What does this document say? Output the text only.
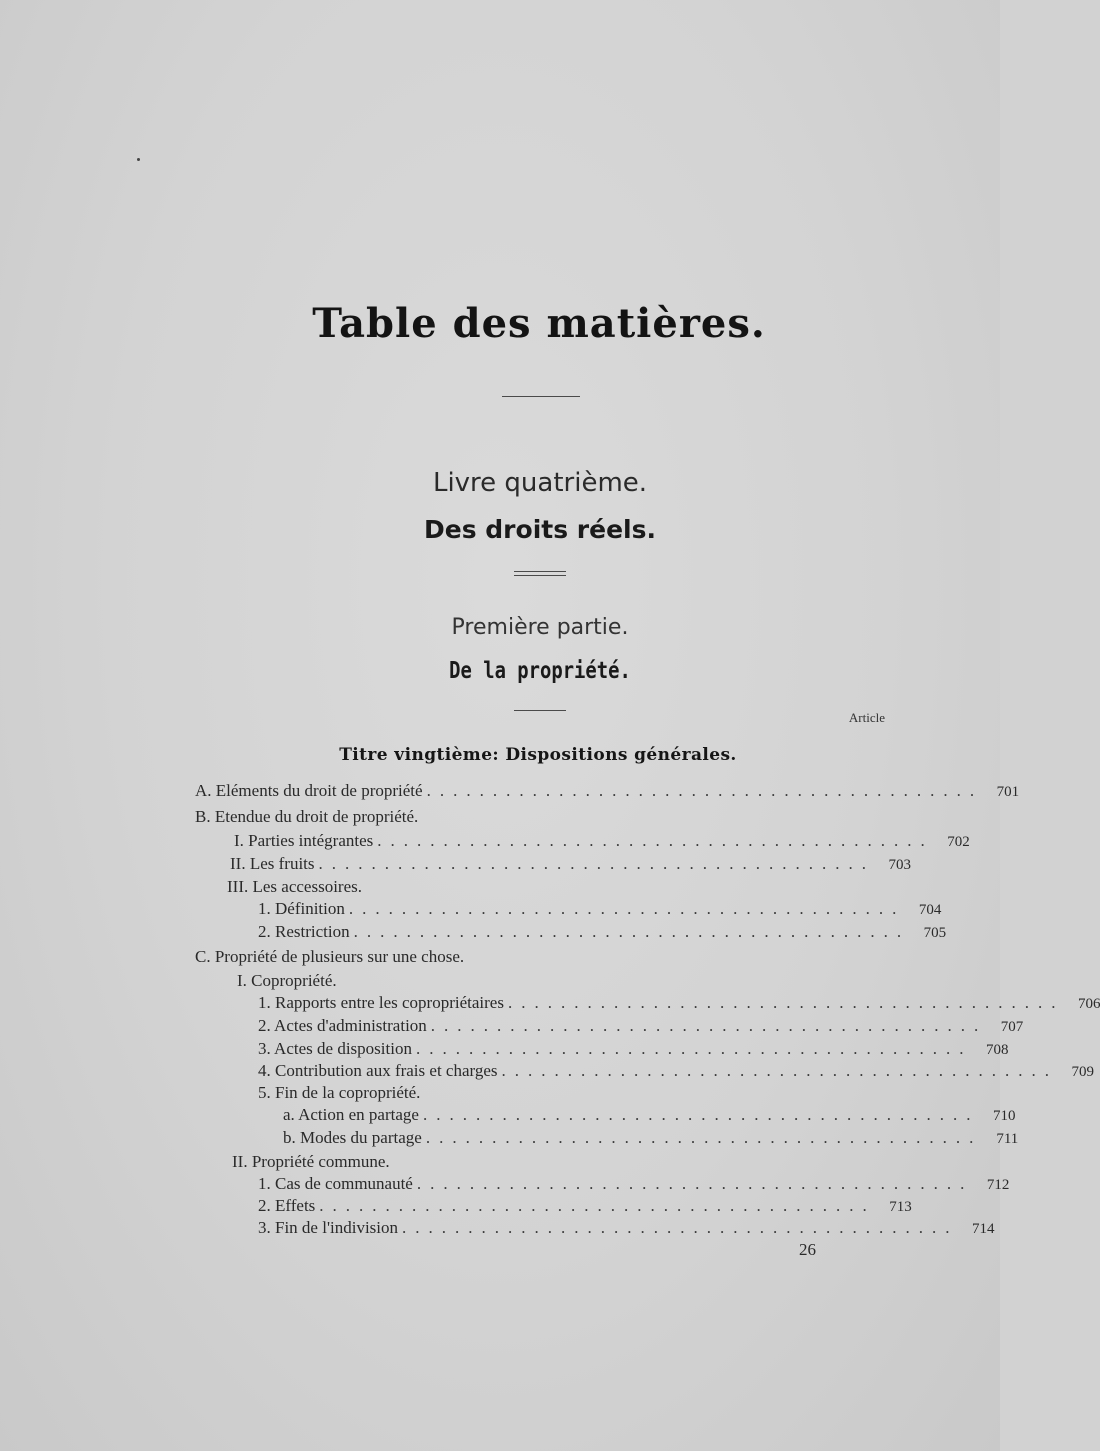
Table des matières.
Livre quatrième.
Des droits réels.
Première partie.
De la propriété.
Article
Titre vingtième: Dispositions générales.
A. Eléments du droit de propriété .......................................... 701
B. Etendue du droit de propriété.
I. Parties intégrantes .......................................... 702
II. Les fruits .......................................... 703
III. Les accessoires.
1. Définition .......................................... 704
2. Restriction .......................................... 705
C. Propriété de plusieurs sur une chose.
I. Copropriété.
1. Rapports entre les copropriétaires .......................................... 706
2. Actes d'administration .......................................... 707
3. Actes de disposition .......................................... 708
4. Contribution aux frais et charges .......................................... 709
5. Fin de la copropriété.
a. Action en partage .......................................... 710
b. Modes du partage .......................................... 711
II. Propriété commune.
1. Cas de communauté .......................................... 712
2. Effets .......................................... 713
3. Fin de l'indivision .......................................... 714
26
